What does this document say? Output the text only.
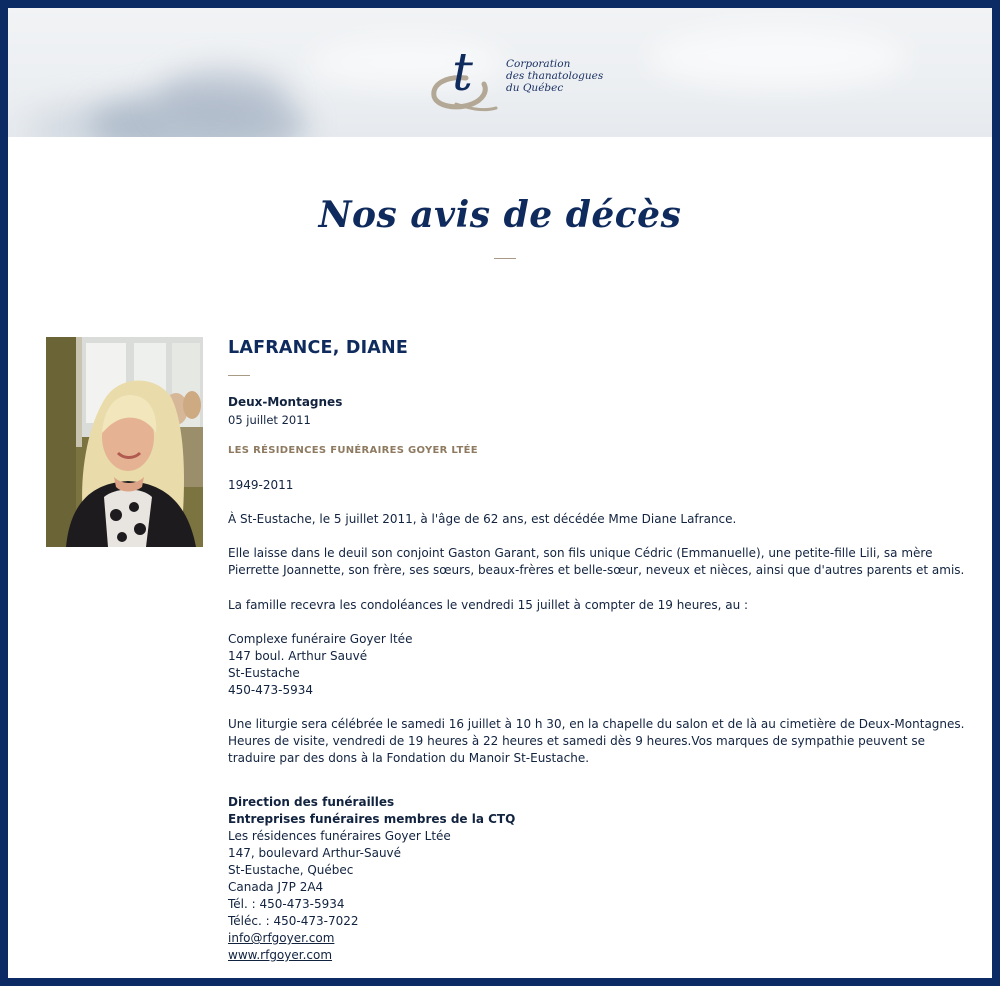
t	Corporation
des thanatologues
du Québec
Nos avis de décès
LAFRANCE, DIANE
Deux-Montagnes
05 juillet 2011
LES RÉSIDENCES FUNÉRAIRES GOYER LTÉE
1949-2011
À St-Eustache, le 5 juillet 2011, à l'âge de 62 ans, est décédée Mme Diane Lafrance.
Elle laisse dans le deuil son conjoint Gaston Garant, son fils unique Cédric (Emmanuelle), une petite-fille Lili, sa mère Pierrette Joannette, son frère, ses sœurs, beaux-frères et belle-sœur, neveux et nièces, ainsi que d'autres parents et amis.
La famille recevra les condoléances le vendredi 15 juillet à compter de 19 heures, au :
Complexe funéraire Goyer ltée
147 boul. Arthur Sauvé
St-Eustache
450-473-5934
Une liturgie sera célébrée le samedi 16 juillet à 10 h 30, en la chapelle du salon et de là au cimetière de Deux-Montagnes. Heures de visite, vendredi de 19 heures à 22 heures et samedi dès 9 heures.Vos marques de sympathie peuvent se traduire par des dons à la Fondation du Manoir St-Eustache.
Direction des funérailles
Entreprises funéraires membres de la CTQ
Les résidences funéraires Goyer Ltée
147, boulevard Arthur-Sauvé
St-Eustache, Québec
Canada J7P 2A4
Tél. : 450-473-5934
Téléc. : 450-473-7022
info@rfgoyer.com
www.rfgoyer.com
